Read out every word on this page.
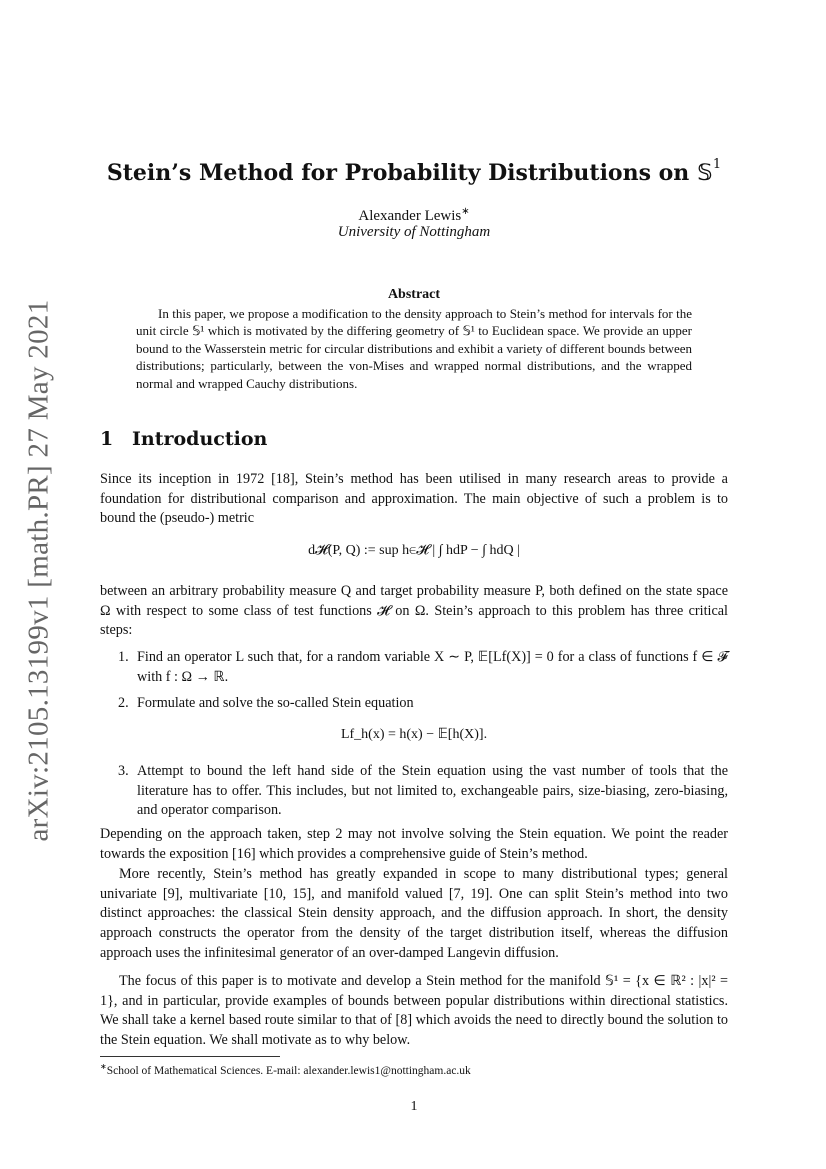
arXiv:2105.13199v1 [math.PR] 27 May 2021
Stein’s Method for Probability Distributions on 𝕊$^1$
Alexander Lewis∗
University of Nottingham
Abstract
In this paper, we propose a modification to the density approach to Stein’s method for intervals for the unit circle 𝕊¹ which is motivated by the differing geometry of 𝕊¹ to Euclidean space. We provide an upper bound to the Wasserstein metric for circular distributions and exhibit a variety of different bounds between distributions; particularly, between the von-Mises and wrapped normal distributions, and the wrapped normal and wrapped Cauchy distributions.
1 Introduction

Since its inception in 1972 [18], Stein’s method has been utilised in many research areas to provide a foundation for distributional comparison and approximation. The main objective of such a problem is to bound the (pseudo-) metric

d𝓗(P, Q) := sup h∈𝓗 | ∫ hdP − ∫ hdQ |

between an arbitrary probability measure Q and target probability measure P, both defined on the state space Ω with respect to some class of test functions 𝓗 on Ω. Stein’s approach to this problem has three critical steps:

1. Find an operator L such that, for a random variable X ∼ P, 𝔼[Lf(X)] = 0 for a class of functions f ∈ 𝓕 with f : Ω → ℝ.
2. Formulate and solve the so-called Stein equation
Lf_h(x) = h(x) − 𝔼[h(X)].
3. Attempt to bound the left hand side of the Stein equation using the vast number of tools that the literature has to offer. This includes, but not limited to, exchangeable pairs, size-biasing, zero-biasing, and operator comparison.

Depending on the approach taken, step 2 may not involve solving the Stein equation. We point the reader towards the exposition [16] which provides a comprehensive guide of Stein’s method.

More recently, Stein’s method has greatly expanded in scope to many distributional types; general univariate [9], multivariate [10, 15], and manifold valued [7, 19]. One can split Stein’s method into two distinct approaches: the classical Stein density approach, and the diffusion approach. In short, the density approach constructs the operator from the density of the target distribution itself, whereas the diffusion approach uses the infinitesimal generator of an over-damped Langevin diffusion.

The focus of this paper is to motivate and develop a Stein method for the manifold 𝕊¹ = {x ∈ ℝ² : |x|² = 1}, and in particular, provide examples of bounds between popular distributions within directional statistics. We shall take a kernel based route similar to that of [8] which avoids the need to directly bound the solution to the Stein equation. We shall motivate as to why below.

∗School of Mathematical Sciences. E-mail: alexander.lewis1@nottingham.ac.uk
1
